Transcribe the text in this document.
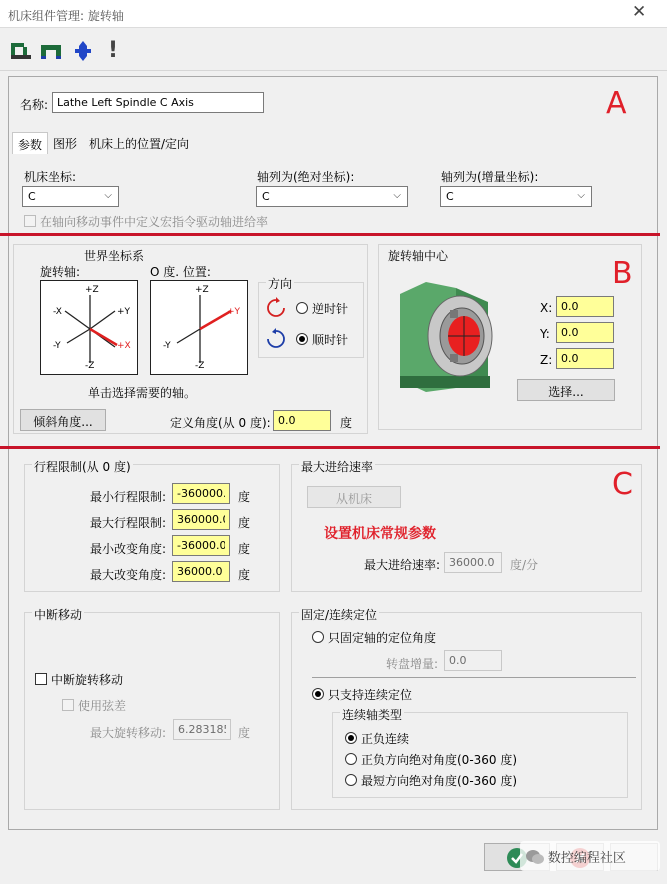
机床组件管理: 旋转轴	✕
!
A
B
C
名称:
Lathe Left Spindle C Axis
参数 图形 机床上的位置/定向
机床坐标:
C	⌵
轴列为(绝对坐标):
C	⌵
轴列为(增量坐标):
C	⌵
在轴向移动事件中定义宏指令驱动轴进给率
世界坐标系
旋转轴:	O 度. 位置:
+Z
-X	+Y
-Y	+X
-Z
+Z
+Y
-Y
-Z
方向
逆时针
顺时针
单击选择需要的轴。
倾斜角度...	定义角度(从 0 度):
0.0	度
旋转轴中心
X:
0.0
Y:
0.0
Z:
0.0
选择...
行程限制(从 0 度)
最小行程限制:
-360000.0	度
最大行程限制:
360000.0	度
最小改变角度:
-36000.0	度
最大改变角度:
36000.0	度
最大进给速率
从机床
设置机床常规参数
最大进给速率:
36000.0	度/分
中断移动
中断旋转移动
使用弦差
最大旋转移动:
6.283185	度
固定/连续定位
只固定轴的定位角度
转盘增量:
0.0
只支持连续定位
连续轴类型
正负连续
正负方向绝对角度(0-360 度)
最短方向绝对角度(0-360 度)
数控编程社区
